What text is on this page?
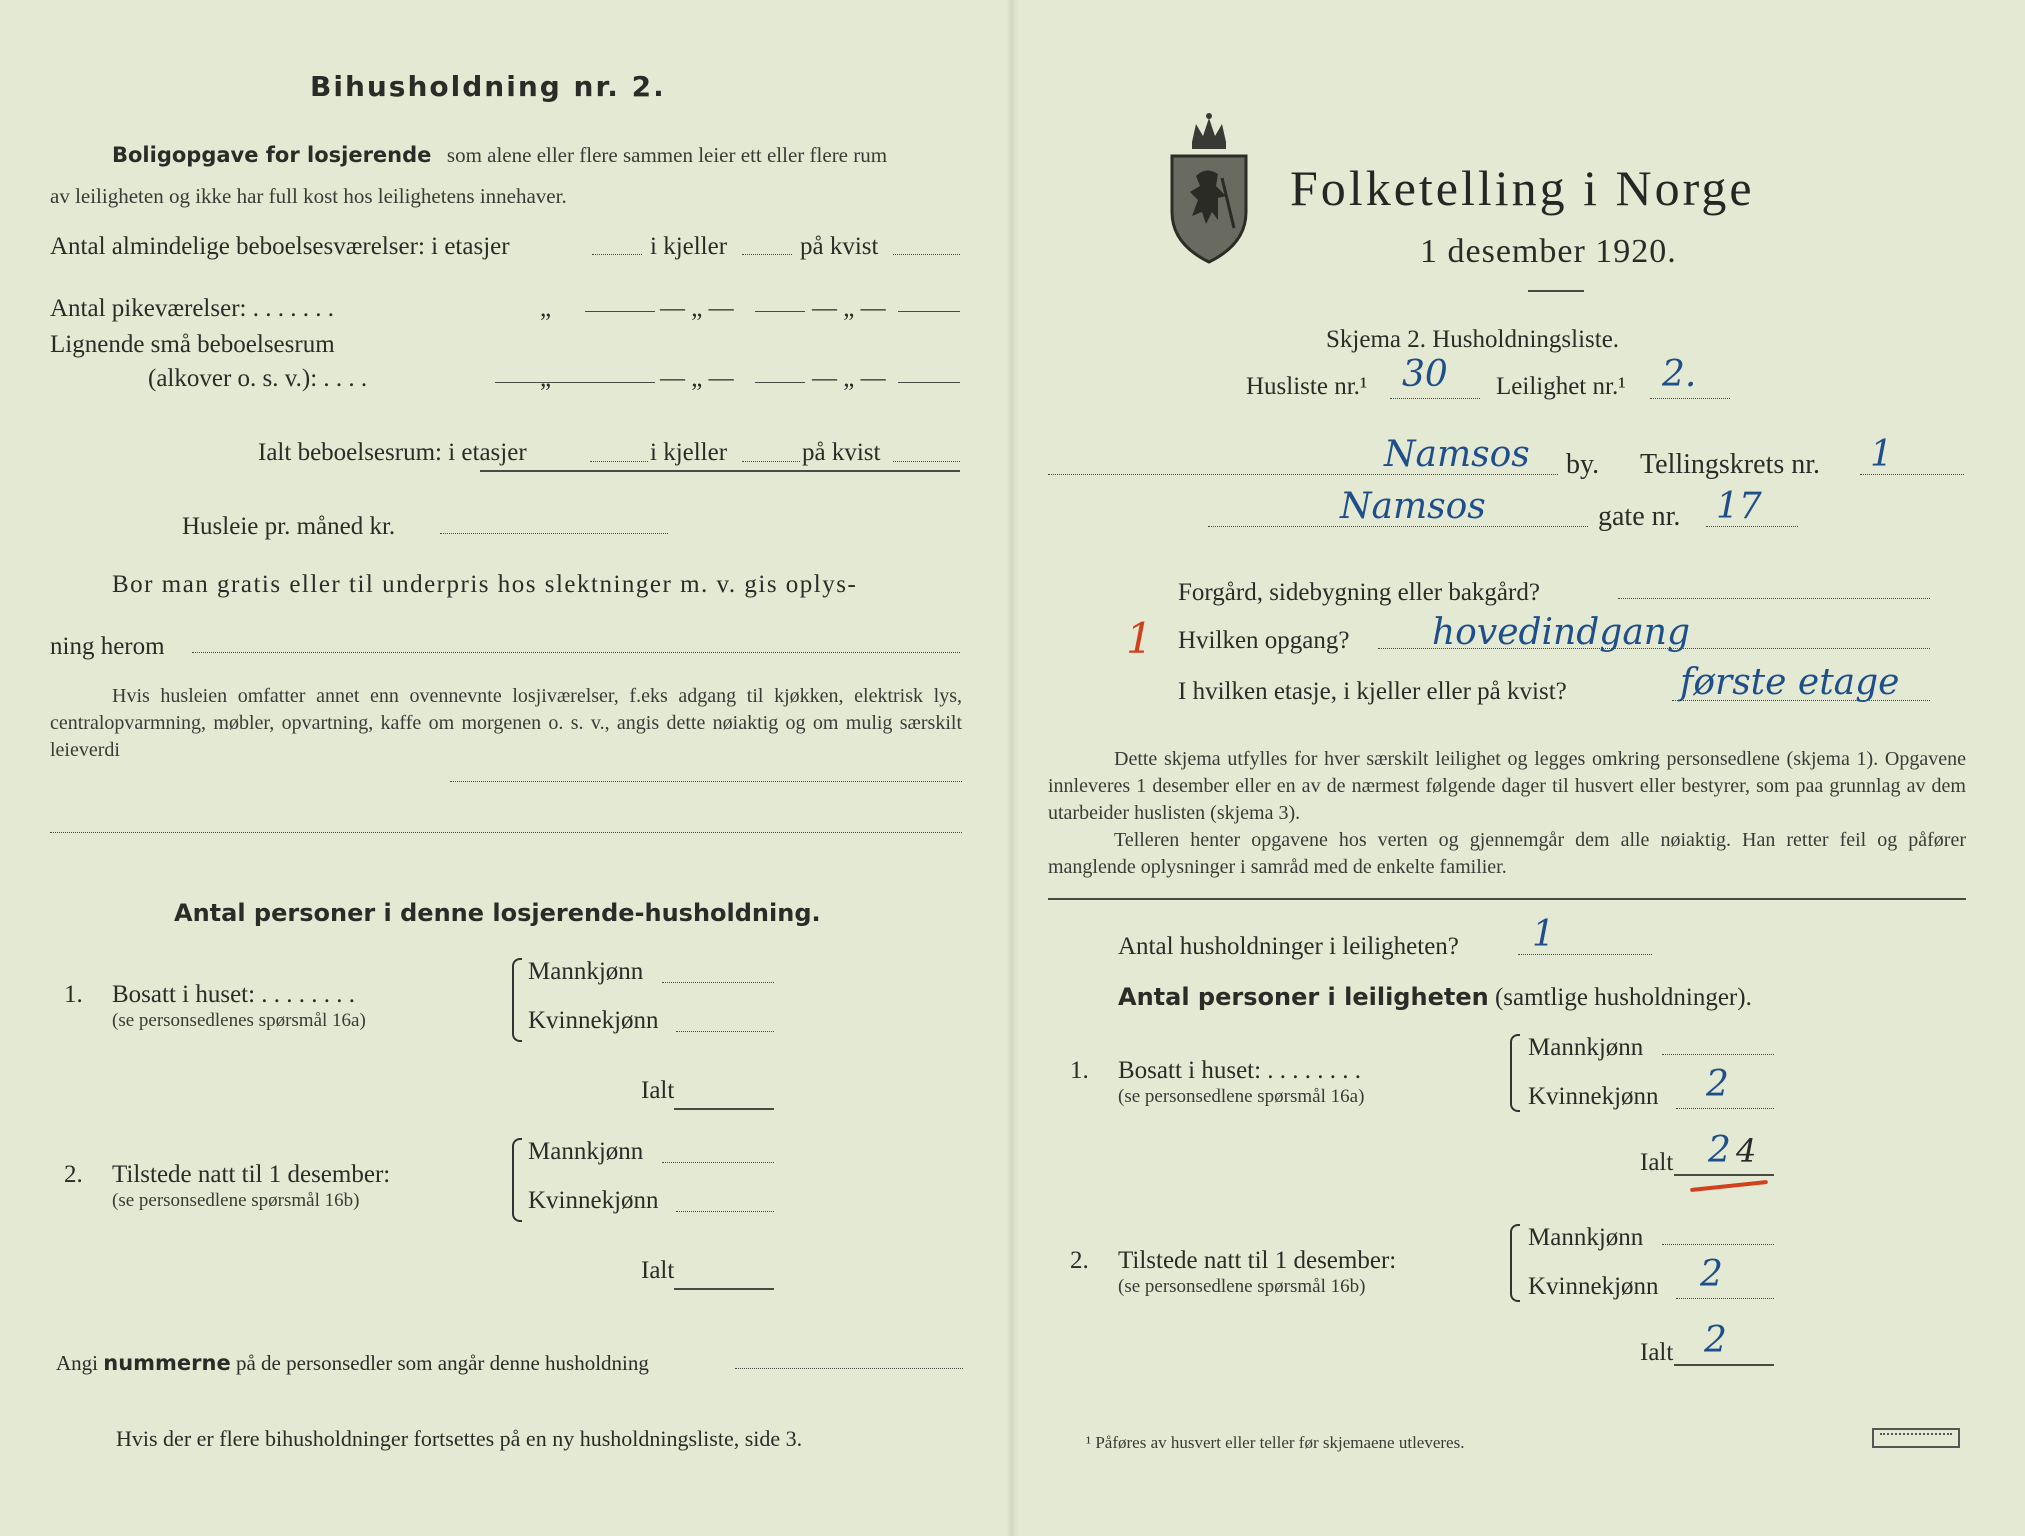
Bihusholdning nr. 2.
Boligopgave for losjerende som alene eller flere sammen leier ett eller flere rum
av leiligheten og ikke har full kost hos leilighetens innehaver.
Antal almindelige beboelsesværelser: i etasjer	i kjeller	på kvist
Antal pikeværelser: . . . . . . .	„	— „ —	— „ —
Lignende små beboelsesrum
(alkover o. s. v.): . . . .	„	— „ —	— „ —
Ialt beboelsesrum: i etasjer	i kjeller	på kvist
Husleie pr. måned kr.
Bor man gratis eller til underpris hos slektninger m. v. gis oplys-
ning herom
Hvis husleien omfatter annet enn ovennevnte losjiværelser, f.eks adgang til kjøkken, elektrisk lys, centralopvarmning, møbler, opvartning, kaffe om morgenen o. s. v., angis dette nøiaktig og om mulig særskilt leieverdi
Antal personer i denne losjerende-husholdning.
1. Bosatt i huset: . . . . . . . .
(se personsedlenes spørsmål 16a)
Mannkjønn
Kvinnekjønn
Ialt
2. Tilstede natt til 1 desember:
(se personsedlene spørsmål 16b)
Mannkjønn
Kvinnekjønn
Ialt
Angi nummerne på de personsedler som angår denne husholdning
Hvis der er flere bihusholdninger fortsettes på en ny husholdningsliste, side 3.
Folketelling i Norge
1 desember 1920.
Skjema 2. Husholdningsliste.
Husliste nr.¹ 30 Leilighet nr.¹ 2.
Namsos by. Tellingskrets nr. 1
Namsos	gate nr. 17
Forgård, sidebygning eller bakgård?
1 Hvilken opgang? hovedindgang
I hvilken etasje, i kjeller eller på kvist?	første etage
Dette skjema utfylles for hver særskilt leilighet og legges omkring personsedlene (skjema 1). Opgavene innleveres 1 desember eller en av de nærmest følgende dager til husvert eller bestyrer, som paa grunnlag av dem utarbeider huslisten (skjema 3).
Telleren henter opgavene hos verten og gjennemgår dem alle nøiaktig. Han retter feil og påfører manglende oplysninger i samråd med de enkelte familier.
Antal husholdninger i leiligheten? 1
Antal personer i leiligheten (samtlige husholdninger).
1. Bosatt i huset: . . . . . . . .
(se personsedlene spørsmål 16a)
Mannkjønn
Kvinnekjønn 2
Ialt 2 4
2. Tilstede natt til 1 desember:
(se personsedlene spørsmål 16b)
Mannkjønn
Kvinnekjønn 2
Ialt 2
¹ Påføres av husvert eller teller før skjemaene utleveres.
